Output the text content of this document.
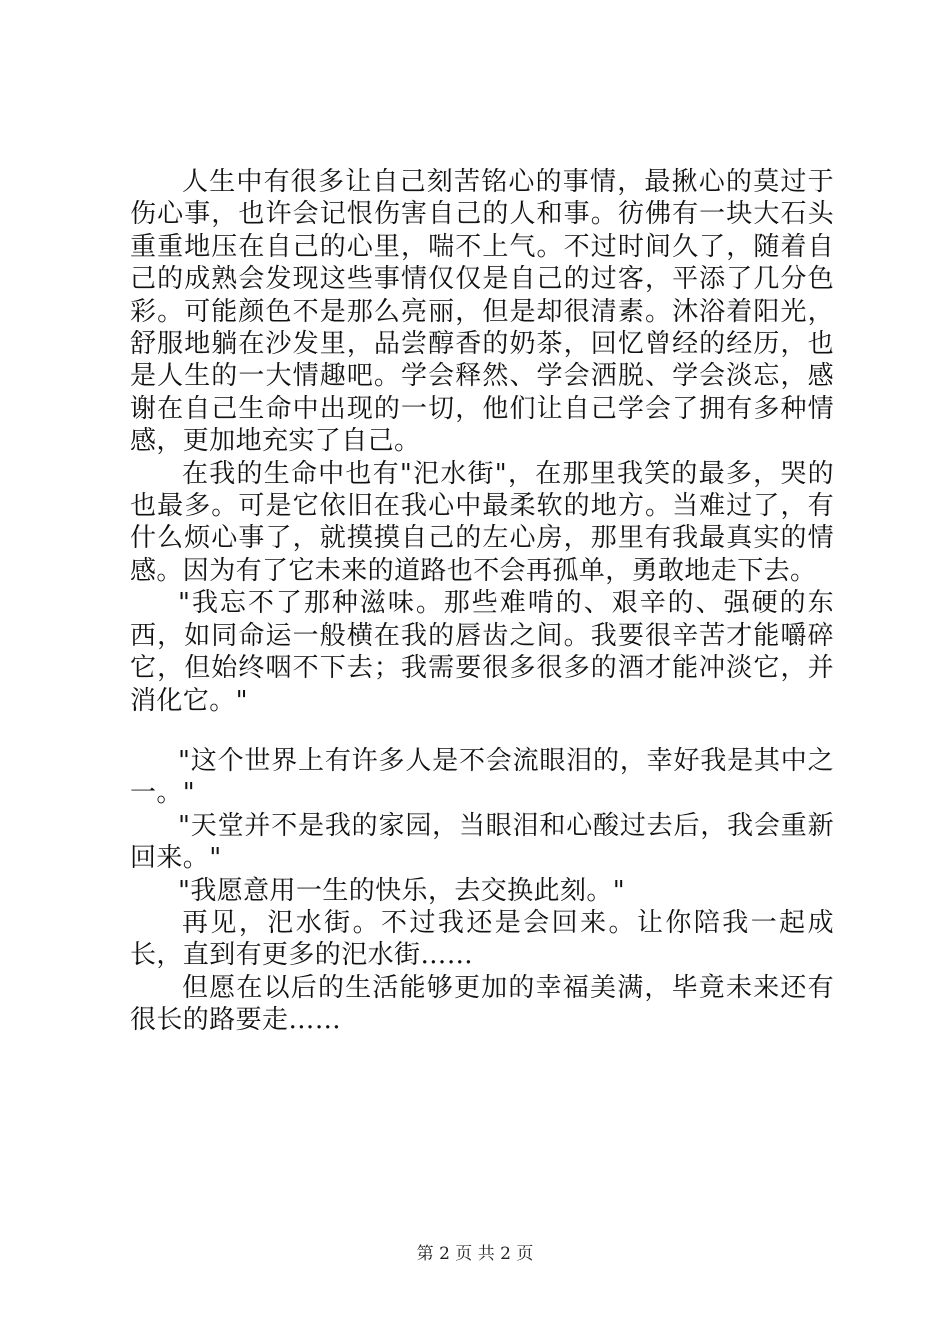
人生中有很多让自己刻苦铭心的事情，最揪心的莫过于伤心事，也许会记恨伤害自己的人和事。彷佛有一块大石头重重地压在自己的心里，喘不上气。不过时间久了，随着自己的成熟会发现这些事情仅仅是自己的过客，平添了几分色彩。可能颜色不是那么亮丽，但是却很清素。沐浴着阳光，舒服地躺在沙发里，品尝醇香的奶茶，回忆曾经的经历，也是人生的一大情趣吧。学会释然、学会洒脱、学会淡忘，感谢在自己生命中出现的一切，他们让自己学会了拥有多种情感，更加地充实了自己。

在我的生命中也有"汜水街"，在那里我笑的最多，哭的也最多。可是它依旧在我心中最柔软的地方。当难过了，有什么烦心事了，就摸摸自己的左心房，那里有我最真实的情感。因为有了它未来的道路也不会再孤单，勇敢地走下去。

"我忘不了那种滋味。那些难啃的、艰辛的、强硬的东西，如同命运一般横在我的唇齿之间。我要很辛苦才能嚼碎它，但始终咽不下去；我需要很多很多的酒才能冲淡它，并消化它。"

"这个世界上有许多人是不会流眼泪的，幸好我是其中之一。"

"天堂并不是我的家园，当眼泪和心酸过去后，我会重新回来。"

"我愿意用一生的快乐，去交换此刻。"

再见，汜水街。不过我还是会回来。让你陪我一起成长，直到有更多的汜水街……

但愿在以后的生活能够更加的幸福美满，毕竟未来还有很长的路要走……

第 2 页 共 2 页
